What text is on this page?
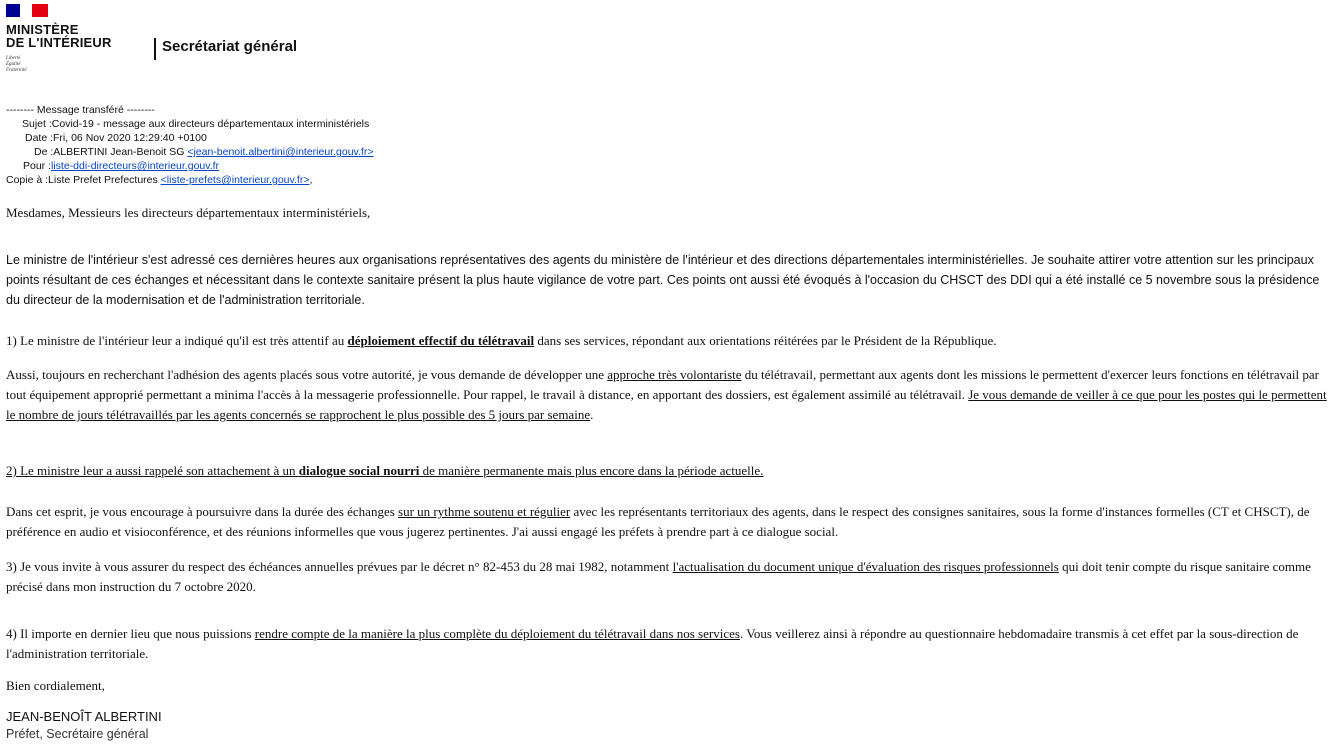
MINISTÈRE
DE L'INTÉRIEUR
Liberté
Égalité
Fraternité
Secrétariat général
-------- Message transféré --------
Sujet :Covid-19 - message aux directeurs départementaux interministériels
Date :Fri, 06 Nov 2020 12:29:40 +0100
De :ALBERTINI Jean-Benoit SG <jean-benoit.albertini@interieur.gouv.fr>
Pour :liste-ddi-directeurs@interieur.gouv.fr
Copie à :Liste Prefet Prefectures <liste-prefets@interieur.gouv.fr>,
Mesdames, Messieurs les directeurs départementaux interministériels,
Le ministre de l'intérieur s'est adressé ces dernières heures aux organisations représentatives des agents du ministère de l'intérieur et des directions départementales interministérielles. Je souhaite attirer votre attention sur les principaux points résultant de ces échanges et nécessitant dans le contexte sanitaire présent la plus haute vigilance de votre part. Ces points ont aussi été évoqués à l'occasion du CHSCT des DDI qui a été installé ce 5 novembre sous la présidence du directeur de la modernisation et de l'administration territoriale.
1) Le ministre de l'intérieur leur a indiqué qu'il est très attentif au déploiement effectif du télétravail dans ses services, répondant aux orientations réitérées par le Président de la République.
Aussi, toujours en recherchant l'adhésion des agents placés sous votre autorité, je vous demande de développer une approche très volontariste du télétravail, permettant aux agents dont les missions le permettent d'exercer leurs fonctions en télétravail par tout équipement approprié permettant a minima l'accès à la messagerie professionnelle. Pour rappel, le travail à distance, en apportant des dossiers, est également assimilé au télétravail. Je vous demande de veiller à ce que pour les postes qui le permettent le nombre de jours télétravaillés par les agents concernés se rapprochent le plus possible des 5 jours par semaine.
2) Le ministre leur a aussi rappelé son attachement à un dialogue social nourri de manière permanente mais plus encore dans la période actuelle.
Dans cet esprit, je vous encourage à poursuivre dans la durée des échanges sur un rythme soutenu et régulier avec les représentants territoriaux des agents, dans le respect des consignes sanitaires, sous la forme d'instances formelles (CT et CHSCT), de préférence en audio et visioconférence, et des réunions informelles que vous jugerez pertinentes. J'ai aussi engagé les préfets à prendre part à ce dialogue social.
3) Je vous invite à vous assurer du respect des échéances annuelles prévues par le décret n° 82-453 du 28 mai 1982, notamment l'actualisation du document unique d'évaluation des risques professionnels qui doit tenir compte du risque sanitaire comme précisé dans mon instruction du 7 octobre 2020.
4) Il importe en dernier lieu que nous puissions rendre compte de la manière la plus complète du déploiement du télétravail dans nos services. Vous veillerez ainsi à répondre au questionnaire hebdomadaire transmis à cet effet par la sous-direction de l'administration territoriale.
Bien cordialement,
JEAN-BENOÎT ALBERTINI
Préfet, Secrétaire général
